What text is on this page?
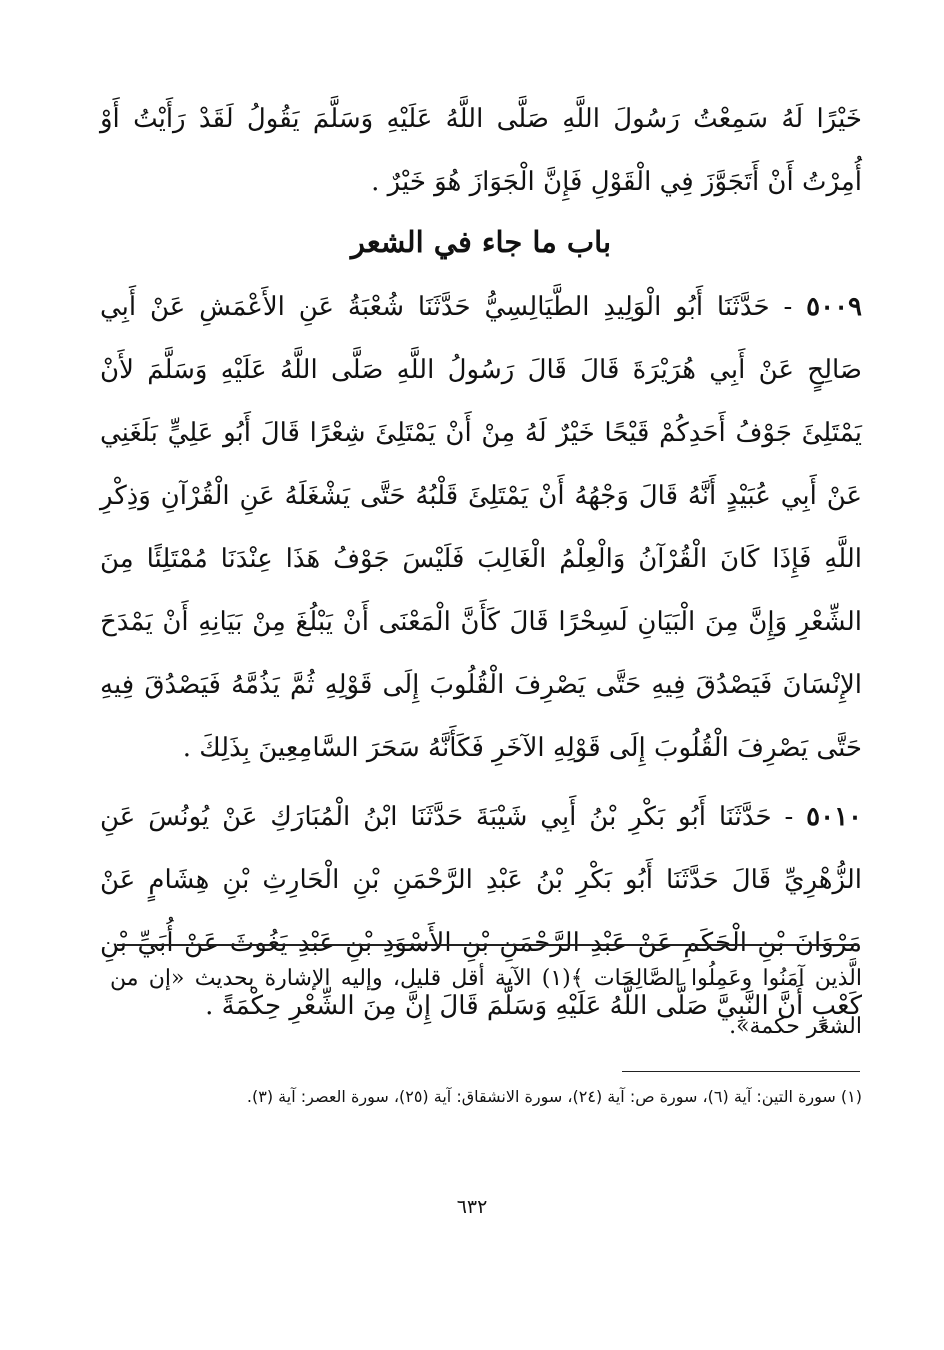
خَيْرًا لَهُ سَمِعْتُ رَسُولَ اللَّهِ صَلَّى اللَّهُ عَلَيْهِ وَسَلَّمَ يَقُولُ لَقَدْ رَأَيْتُ أَوْ أُمِرْتُ أَنْ أَتَجَوَّزَ فِي الْقَوْلِ فَإِنَّ الْجَوَازَ هُوَ خَيْرٌ .

باب ما جاء في الشعر

٥٠٠٩ - حَدَّثَنَا أَبُو الْوَلِيدِ الطَّيَالِسِيُّ حَدَّثَنَا شُعْبَةُ عَنِ الأَعْمَشِ عَنْ أَبِي صَالِحٍ عَنْ أَبِي هُرَيْرَةَ قَالَ قَالَ رَسُولُ اللَّهِ صَلَّى اللَّهُ عَلَيْهِ وَسَلَّمَ لأَنْ يَمْتَلِئَ جَوْفُ أَحَدِكُمْ قَيْحًا خَيْرٌ لَهُ مِنْ أَنْ يَمْتَلِئَ شِعْرًا قَالَ أَبُو عَلِيٍّ بَلَغَنِي عَنْ أَبِي عُبَيْدٍ أَنَّهُ قَالَ وَجْهُهُ أَنْ يَمْتَلِئَ قَلْبُهُ حَتَّى يَشْغَلَهُ عَنِ الْقُرْآنِ وَذِكْرِ اللَّهِ فَإِذَا كَانَ الْقُرْآنُ وَالْعِلْمُ الْغَالِبَ فَلَيْسَ جَوْفُ هَذَا عِنْدَنَا مُمْتَلِئًا مِنَ الشِّعْرِ وَإِنَّ مِنَ الْبَيَانِ لَسِحْرًا قَالَ كَأَنَّ الْمَعْنَى أَنْ يَبْلُغَ مِنْ بَيَانِهِ أَنْ يَمْدَحَ الإِنْسَانَ فَيَصْدُقَ فِيهِ حَتَّى يَصْرِفَ الْقُلُوبَ إِلَى قَوْلِهِ ثُمَّ يَذُمَّهُ فَيَصْدُقَ فِيهِ حَتَّى يَصْرِفَ الْقُلُوبَ إِلَى قَوْلِهِ الآخَرِ فَكَأَنَّهُ سَحَرَ السَّامِعِينَ بِذَلِكَ .

٥٠١٠ - حَدَّثَنَا أَبُو بَكْرِ بْنُ أَبِي شَيْبَةَ حَدَّثَنَا ابْنُ الْمُبَارَكِ عَنْ يُونُسَ عَنِ الزُّهْرِيِّ قَالَ حَدَّثَنَا أَبُو بَكْرِ بْنُ عَبْدِ الرَّحْمَنِ بْنِ الْحَارِثِ بْنِ هِشَامٍ عَنْ مَرْوَانَ بْنِ الْحَكَمِ عَنْ عَبْدِ الرَّحْمَنِ بْنِ الأَسْوَدِ بْنِ عَبْدِ يَغُوثَ عَنْ أُبَيِّ بْنِ كَعْبٍ أَنَّ النَّبِيَّ صَلَّى اللَّهُ عَلَيْهِ وَسَلَّمَ قَالَ إِنَّ مِنَ الشِّعْرِ حِكْمَةً .

الَّذين آمَنُوا وعَمِلُوا الصَّالِحَات ﴾(١) الآية أقل قليل، وإليه الإشارة بحديث «إن من الشعر حكمة».

(١) سورة التين: آية (٦)، سورة ص: آية (٢٤)، سورة الانشقاق: آية (٢٥)، سورة العصر: آية (٣).

٦٣٢
